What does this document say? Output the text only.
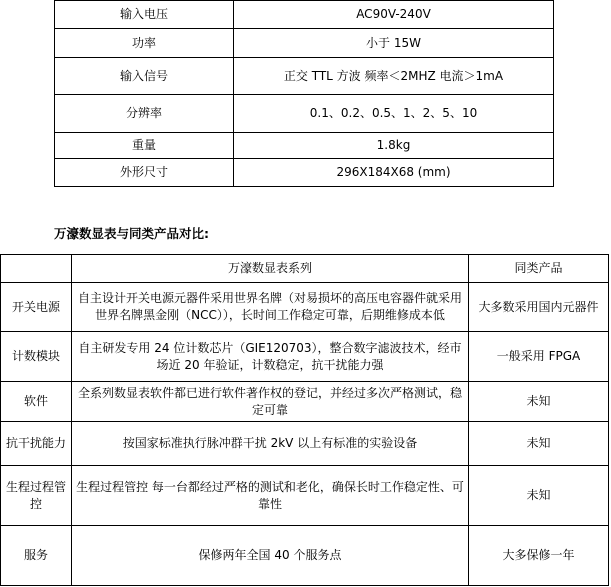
输入电压	AC90V-240V
功率	小于 15W
输入信号	正交 TTL 方波 频率＜2MHZ 电流＞1mA
分辨率	0.1、0.2、0.5、1、2、5、10
重量	1.8kg
外形尺寸	296X184X68 (mm)
万濠数显表与同类产品对比:
	万濠数显表系列	同类产品
开关电源	自主设计开关电源元器件采用世界名牌（对易损坏的高压电容器件就采用世界名牌黑金刚（NCC）），长时间工作稳定可靠，后期维修成本低	大多数采用国内元器件
计数模块	自主研发专用 24 位计数芯片（GIE120703），整合数字滤波技术，经市场近 20 年验证，计数稳定，抗干扰能力强	一般采用 FPGA
软件	全系列数显表软件都已进行软件著作权的登记，并经过多次严格测试，稳定可靠	未知
抗干扰能力	按国家标准执行脉冲群干扰 2kV 以上有标准的实验设备	未知
生程过程管控	生程过程管控 每一台都经过严格的测试和老化，确保长时工作稳定性、可靠性	未知
服务	保修两年全国 40 个服务点	大多保修一年
